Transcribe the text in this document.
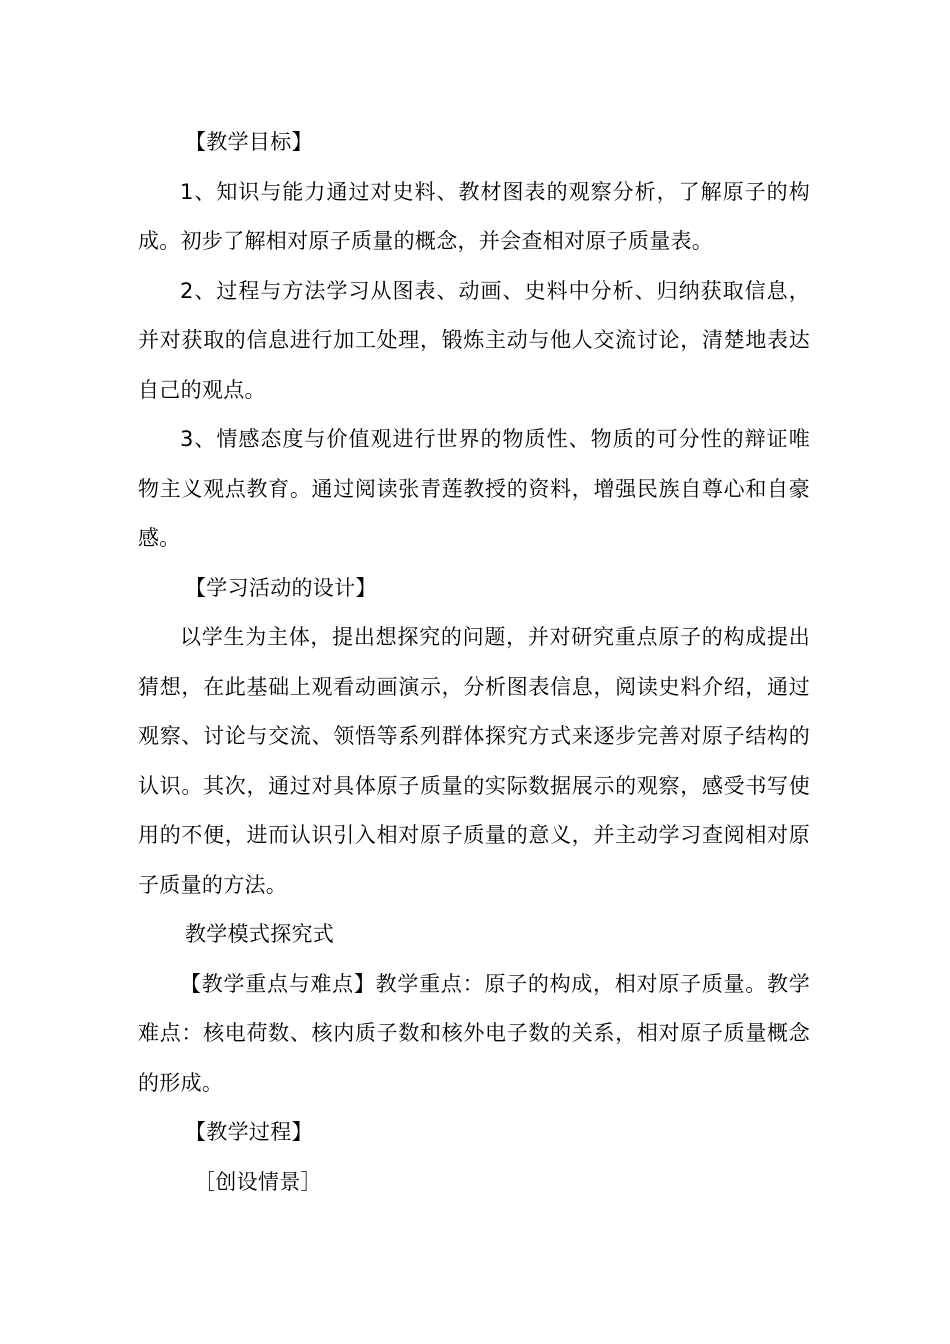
【教学目标】

1、知识与能力通过对史料、教材图表的观察分析，了解原子的构成。初步了解相对原子质量的概念，并会查相对原子质量表。

2、过程与方法学习从图表、动画、史料中分析、归纳获取信息，并对获取的信息进行加工处理，锻炼主动与他人交流讨论，清楚地表达自己的观点。

3、情感态度与价值观进行世界的物质性、物质的可分性的辩证唯物主义观点教育。通过阅读张青莲教授的资料，增强民族自尊心和自豪感。

【学习活动的设计】

以学生为主体，提出想探究的问题，并对研究重点原子的构成提出猜想，在此基础上观看动画演示，分析图表信息，阅读史料介绍，通过观察、讨论与交流、领悟等系列群体探究方式来逐步完善对原子结构的认识。其次，通过对具体原子质量的实际数据展示的观察，感受书写使用的不便，进而认识引入相对原子质量的意义，并主动学习查阅相对原子质量的方法。

教学模式探究式

【教学重点与难点】教学重点：原子的构成，相对原子质量。教学难点：核电荷数、核内质子数和核外电子数的关系，相对原子质量概念的形成。

【教学过程】

［创设情景］
